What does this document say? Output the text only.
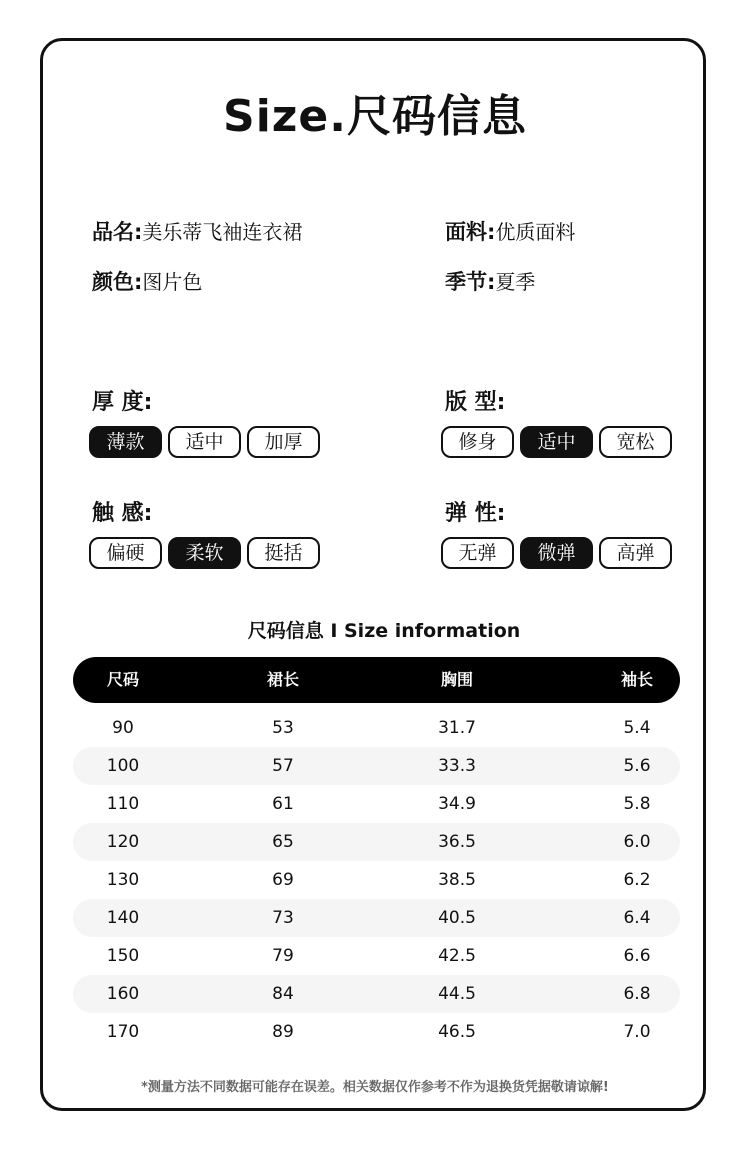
Size.尺码信息
品名:美乐蒂飞袖连衣裙	面料:优质面料
颜色:图片色	季节:夏季
厚 度:
薄款	适中	加厚
版 型:
修身	适中	宽松
触 感:
偏硬	柔软	挺括
弹 性:
无弹	微弹	高弹
尺码信息 I Size information
尺码	裙长	胸围	袖长
90	53	31.7	5.4
100	57	33.3	5.6
110	61	34.9	5.8
120	65	36.5	6.0
130	69	38.5	6.2
140	73	40.5	6.4
150	79	42.5	6.6
160	84	44.5	6.8
170	89	46.5	7.0
*测量方法不同数据可能存在误差。相关数据仅作参考不作为退换货凭据敬请谅解!
